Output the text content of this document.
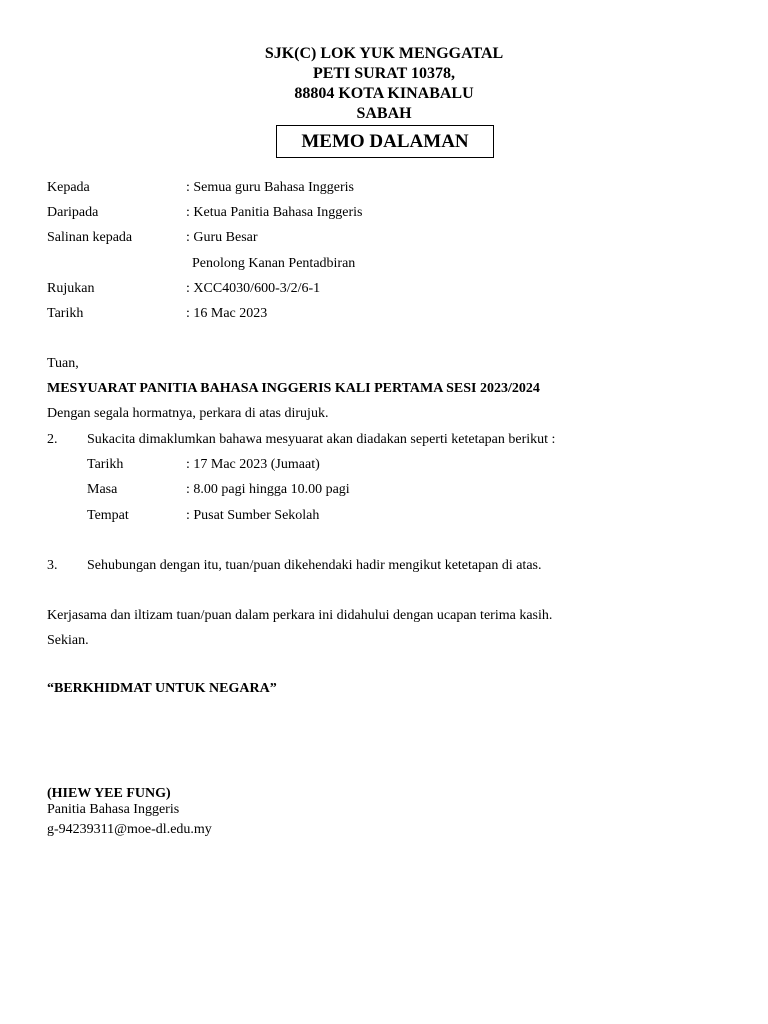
SJK(C) LOK YUK MENGGATAL
PETI SURAT 10378,
88804 KOTA KINABALU
SABAH
MEMO DALAMAN
Kepada	: Semua guru Bahasa Inggeris
Daripada	: Ketua Panitia Bahasa Inggeris
Salinan kepada	: Guru Besar
Penolong Kanan Pentadbiran
Rujukan	: XCC4030/600-3/2/6-1
Tarikh	: 16 Mac 2023
Tuan,
MESYUARAT PANITIA BAHASA INGGERIS KALI PERTAMA SESI 2023/2024
Dengan segala hormatnya, perkara di atas dirujuk.
2. Sukacita dimaklumkan bahawa mesyuarat akan diadakan seperti ketetapan berikut :
Tarikh	: 17 Mac 2023 (Jumaat)
Masa	: 8.00 pagi hingga 10.00 pagi
Tempat	: Pusat Sumber Sekolah
3. Sehubungan dengan itu, tuan/puan dikehendaki hadir mengikut ketetapan di atas.
Kerjasama dan iltizam tuan/puan dalam perkara ini didahului dengan ucapan terima kasih.
Sekian.
“BERKHIDMAT UNTUK NEGARA”
(HIEW YEE FUNG)
Panitia Bahasa Inggeris
g-94239311@moe-dl.edu.my
